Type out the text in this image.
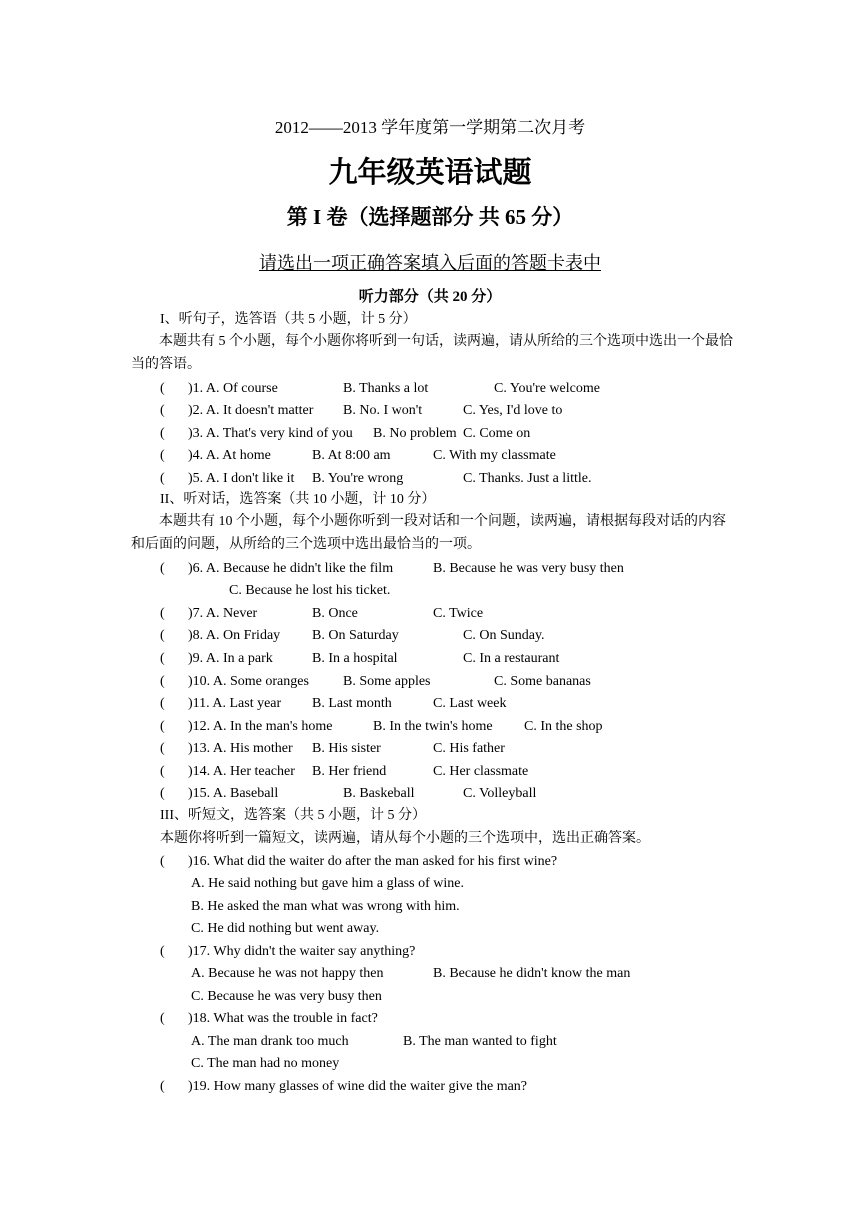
2012——2013 学年度第一学期第二次月考
九年级英语试题
第 I 卷（选择题部分 共 65 分）
请选出一项正确答案填入后面的答题卡表中
听力部分（共 20 分）
I、听句子，选答语（共 5 小题，计 5 分）
本题共有 5 个小题，每个小题你将听到一句话，读两遍，请从所给的三个选项中选出一个最恰当的答语。
( )1. A. Of course	B. Thanks a lot	C. You're welcome
( )2. A. It doesn't matter B. No. I won't	C. Yes, I'd love to
( )3. A. That's very kind of you B. No problem C. Come on
( )4. A. At home	B. At 8:00 am	C. With my classmate
( )5. A. I don't like it B. You're wrong	C. Thanks. Just a little.
II、听对话，选答案（共 10 小题，计 10 分）
本题共有 10 个小题，每个小题你听到一段对话和一个问题，读两遍，请根据每段对话的内容和后面的问题，从所给的三个选项中选出最恰当的一项。
( )6. A. Because he didn't like the film	B. Because he was very busy then
C. Because he lost his ticket.
( )7. A. Never	B. Once	C. Twice
( )8. A. On Friday B. On Saturday	C. On Sunday.
( )9. A. In a park	B. In a hospital	C. In a restaurant
( )10. A. Some oranges B. Some apples	C. Some bananas
( )11. A. Last year B. Last month	C. Last week
( )12. A. In the man's home	B. In the twin's home C. In the shop
( )13. A. His mother B. His sister	C. His father
( )14. A. Her teacher B. Her friend	C. Her classmate
( )15. A. Baseball	B. Baskeball	C. Volleyball
III、听短文，选答案（共 5 小题，计 5 分）
本题你将听到一篇短文，读两遍，请从每个小题的三个选项中，选出正确答案。
( )16. What did the waiter do after the man asked for his first wine?
A. He said nothing but gave him a glass of wine.
B. He asked the man what was wrong with him.
C. He did nothing but went away.
( )17. Why didn't the waiter say anything?
A. Because he was not happy then	B. Because he didn't know the man
C. Because he was very busy then
( )18. What was the trouble in fact?
A. The man drank too much	B. The man wanted to fight
C. The man had no money
( )19. How many glasses of wine did the waiter give the man?
